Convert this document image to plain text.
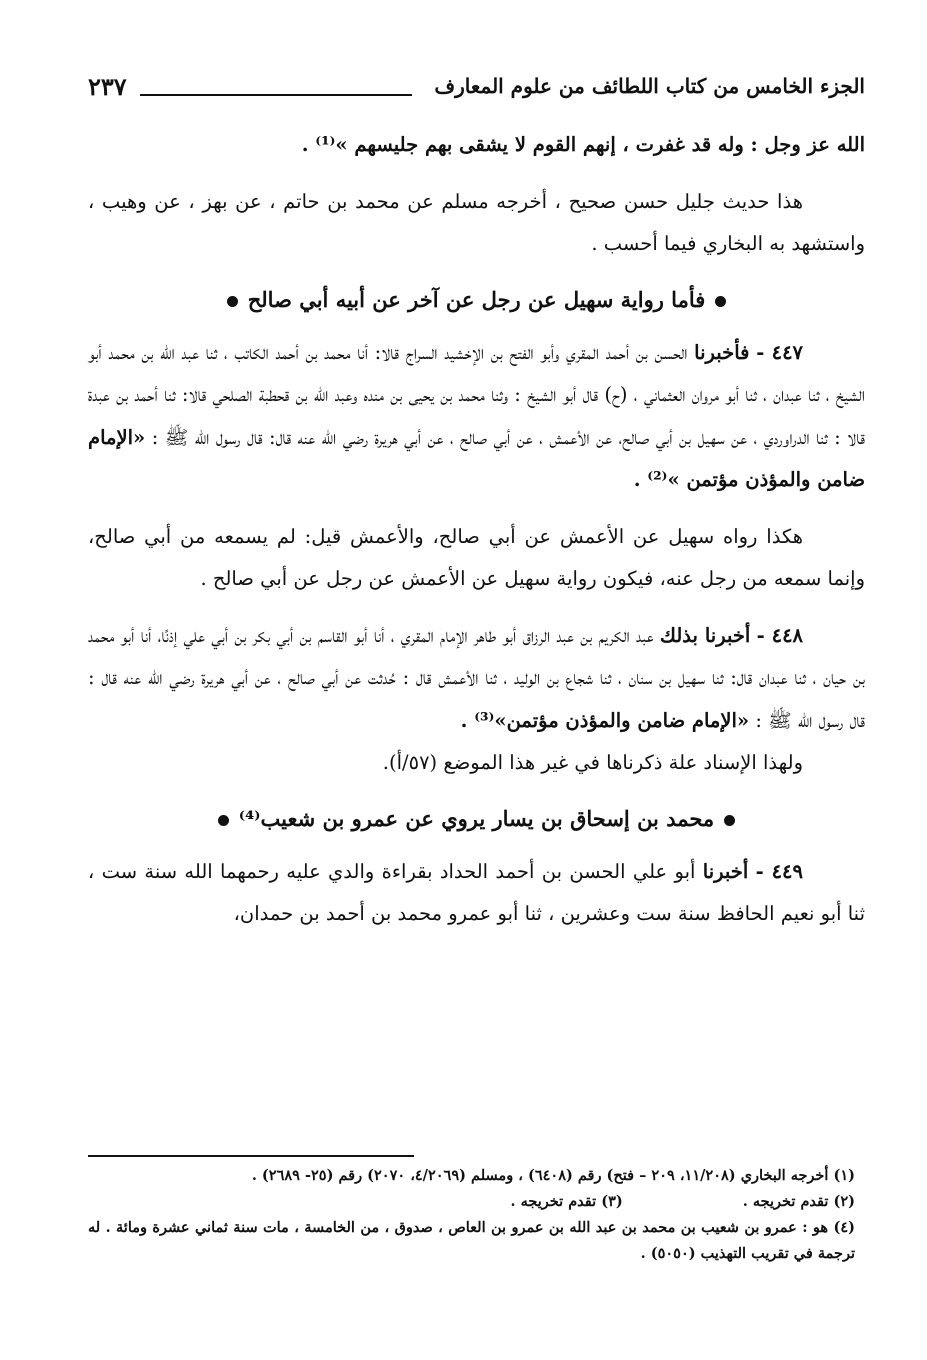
الجزء الخامس من كتاب اللطائف من علوم المعارف
٢٣٧

الله عز وجل : وله قد غفرت ، إنهم القوم لا يشقى بهم جليسهم »⁽¹⁾ .

هذا حديث جليل حسن صحيح ، أخرجه مسلم عن محمد بن حاتم ، عن بهز ، عن وهيب ، واستشهد به البخاري فيما أحسب .

فأما رواية سهيل عن رجل عن آخر عن أبيه أبي صالح

٤٤٧ - فأخبرنا الحسن بن أحمد المقري وأبو الفتح بن الإخشيد السراج قالا: أنا محمد بن أحمد الكاتب ، ثنا عبد الله بن محمد أبو الشيخ ، ثنا عبدان ، ثنا أبو مروان العثماني ، (ح) قال أبو الشيخ : وثنا محمد بن يحيى بن منده وعبد الله بن قحطبة الصلحي قالا: ثنا أحمد بن عبدة قالا : ثنا الدراوردي ، عن سهيل بن أبي صالح، عن الأعمش ، عن أبي صالح ، عن أبي هريرة رضي الله عنه قال: قال رسول الله ﷺ : «الإمام ضامن والمؤذن مؤتمن »⁽²⁾ .

هكذا رواه سهيل عن الأعمش عن أبي صالح، والأعمش قيل: لم يسمعه من أبي صالح، وإنما سمعه من رجل عنه، فيكون رواية سهيل عن الأعمش عن رجل عن أبي صالح .

٤٤٨ - أخبرنا بذلك عبد الكريم بن عبد الرزاق أبو طاهر الإمام المقري ، أنا أبو القاسم بن أبي بكر بن أبي علي إذنًا، أنا أبو محمد بن حيان ، ثنا عبدان قال: ثنا سهيل بن سنان ، ثنا شجاع بن الوليد ، ثنا الأعمش قال : حُدثت عن أبي صالح ، عن أبي هريرة رضي الله عنه قال : قال رسول الله ﷺ : «الإمام ضامن والمؤذن مؤتمن»⁽³⁾ .

ولهذا الإسناد علة ذكرناها في غير هذا الموضع (٥٧/أ).

محمد بن إسحاق بن يسار يروي عن عمرو بن شعيب⁽⁴⁾

٤٤٩ - أخبرنا أبو علي الحسن بن أحمد الحداد بقراءة والدي عليه رحمهما الله سنة ست ، ثنا أبو نعيم الحافظ سنة ست وعشرين ، ثنا أبو عمرو محمد بن أحمد بن حمدان،

(١) أخرجه البخاري (١١/٢٠٨، ٢٠٩ – فتح) رقم (٦٤٠٨) ، ومسلم (٤/٢٠٦٩، ٢٠٧٠) رقم (٢٥- ٢٦٨٩) .

(٢) تقدم تخريجه .

(٣) تقدم تخريجه .

(٤) هو : عمرو بن شعيب بن محمد بن عبد الله بن عمرو بن العاص ، صدوق ، من الخامسة ، مات سنة ثماني عشرة ومائة . له ترجمة في تقريب التهذيب (٥٠٥٠) .
